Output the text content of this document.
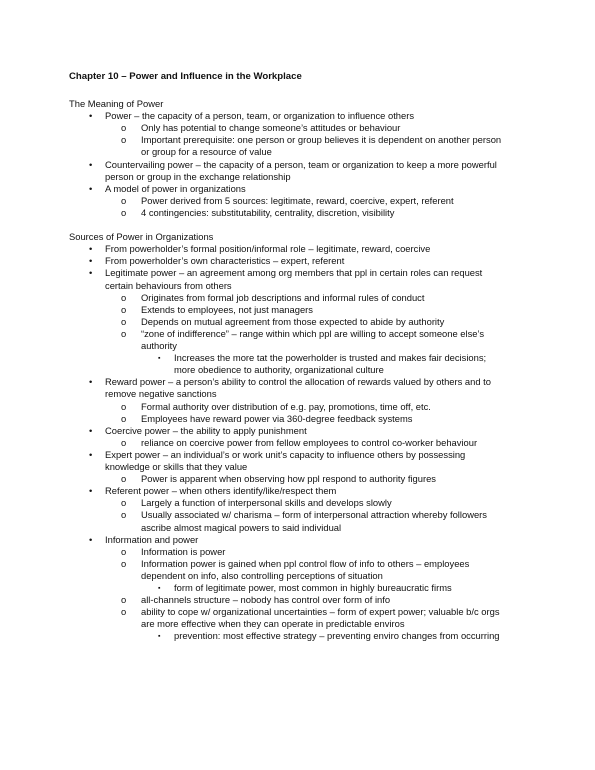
Chapter 10 – Power and Influence in the Workplace
The Meaning of Power
Power – the capacity of a person, team, or organization to influence others
•
Only has potential to change someone’s attitudes or behaviour
o
Important prerequisite: one person or group believes it is dependent on another person
o
or group for a resource of value
Countervailing power – the capacity of a person, team or organization to keep a more powerful
•
person or group in the exchange relationship
A model of power in organizations
•
Power derived from 5 sources: legitimate, reward, coercive, expert, referent
o
4 contingencies: substitutability, centrality, discretion, visibility
o
Sources of Power in Organizations
From powerholder’s formal position/informal role – legitimate, reward, coercive
•
From powerholder’s own characteristics – expert, referent
•
Legitimate power – an agreement among org members that ppl in certain roles can request
•
certain behaviours from others
Originates from formal job descriptions and informal rules of conduct
o
Extends to employees, not just managers
o
Depends on mutual agreement from those expected to abide by authority
o
“zone of indifference” – range within which ppl are willing to accept someone else’s
o
authority
Increases the more tat the powerholder is trusted and makes fair decisions;
▪
more obedience to authority, organizational culture
Reward power – a person’s ability to control the allocation of rewards valued by others and to
•
remove negative sanctions
Formal authority over distribution of e.g. pay, promotions, time off, etc.
o
Employees have reward power via 360-degree feedback systems
o
Coercive power – the ability to apply punishment
•
reliance on coercive power from fellow employees to control co-worker behaviour
o
Expert power – an individual’s or work unit’s capacity to influence others by possessing
•
knowledge or skills that they value
Power is apparent when observing how ppl respond to authority figures
o
Referent power – when others identify/like/respect them
•
Largely a function of interpersonal skills and develops slowly
o
Usually associated w/ charisma – form of interpersonal attraction whereby followers
o
ascribe almost magical powers to said individual
Information and power
•
Information is power
o
Information power is gained when ppl control flow of info to others – employees
o
dependent on info, also controlling perceptions of situation
form of legitimate power, most common in highly bureaucratic firms
▪
all-channels structure – nobody has control over form of info
o
ability to cope w/ organizational uncertainties – form of expert power; valuable b/c orgs
o
are more effective when they can operate in predictable enviros
prevention: most effective strategy – preventing enviro changes from occurring
▪
